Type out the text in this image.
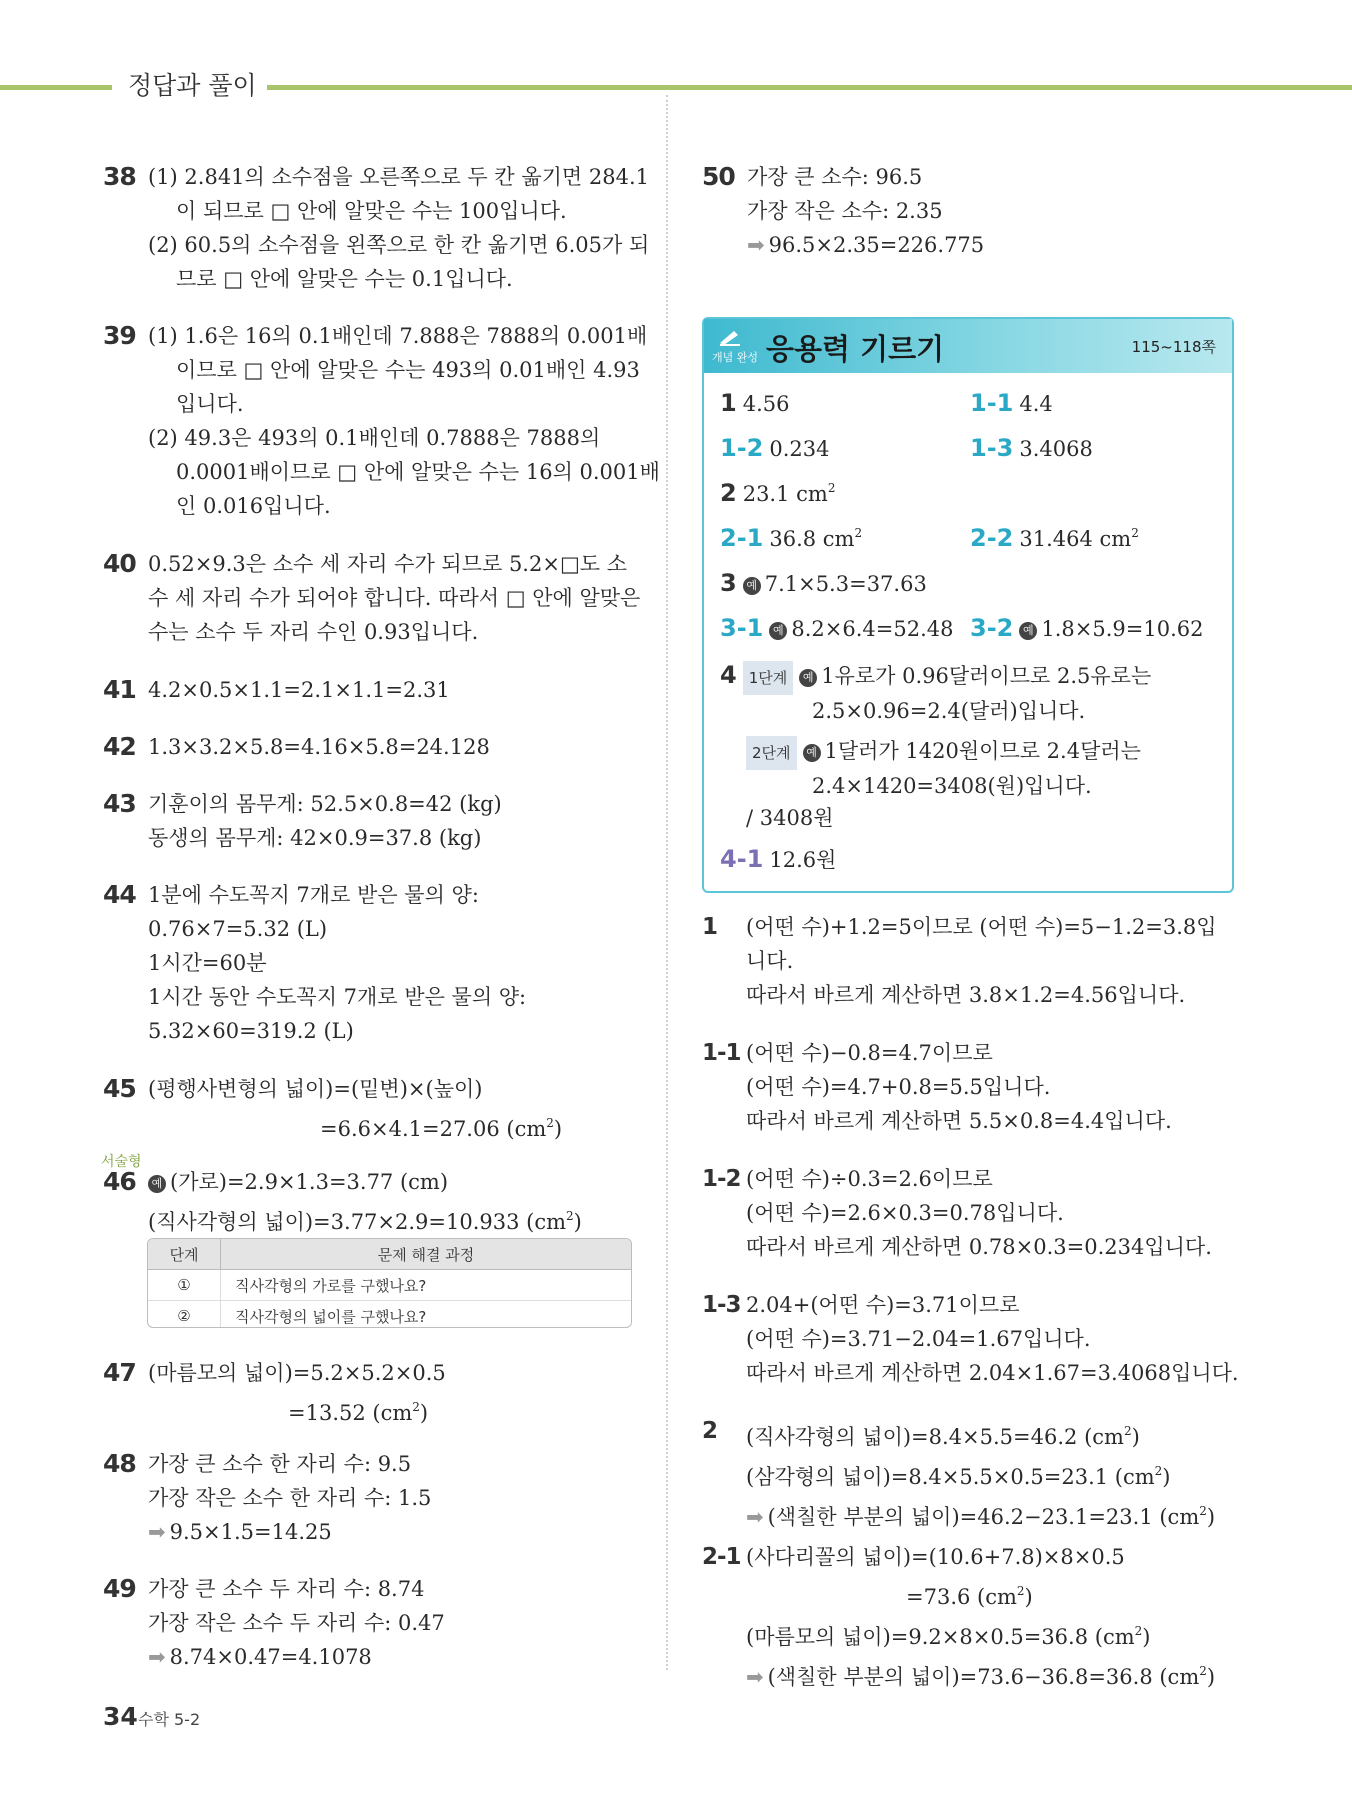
정답과 풀이
38 (1) 2.841의 소수점을 오른쪽으로 두 칸 옮기면 284.1
이 되므로 □ 안에 알맞은 수는 100입니다.
(2) 60.5의 소수점을 왼쪽으로 한 칸 옮기면 6.05가 되
므로 □ 안에 알맞은 수는 0.1입니다.
39 (1) 1.6은 16의 0.1배인데 7.888은 7888의 0.001배
이므로 □ 안에 알맞은 수는 493의 0.01배인 4.93
입니다.
(2) 49.3은 493의 0.1배인데 0.7888은 7888의
0.0001배이므로 □ 안에 알맞은 수는 16의 0.001배
인 0.016입니다.
40 0.52×9.3은 소수 세 자리 수가 되므로 5.2×□도 소
수 세 자리 수가 되어야 합니다. 따라서 □ 안에 알맞은
수는 소수 두 자리 수인 0.93입니다.
41 4.2×0.5×1.1=2.1×1.1=2.31
42 1.3×3.2×5.8=4.16×5.8=24.128
43 기훈이의 몸무게: 52.5×0.8=42 (kg)
동생의 몸무게: 42×0.9=37.8 (kg)
44 1분에 수도꼭지 7개로 받은 물의 양:
0.76×7=5.32 (L)
1시간=60분
1시간 동안 수도꼭지 7개로 받은 물의 양:
5.32×60=319.2 (L)
45 (평행사변형의 넓이)=(밑변)×(높이)
=6.6×4.1=27.06 $(cm^2)$
서술형
46	예 (가로)=2.9×1.3=3.77 (cm)
(직사각형의 넓이)=3.77×2.9=10.933 $(cm^2)$
단계	문제 해결 과정
①	직사각형의 가로를 구했나요?
②	직사각형의 넓이를 구했나요?
47 (마름모의 넓이)=5.2×5.2×0.5
=13.52 $(cm^2)$
48 가장 큰 소수 한 자리 수: 9.5
가장 작은 소수 한 자리 수: 1.5
➡ 9.5×1.5=14.25
49 가장 큰 소수 두 자리 수: 8.74
가장 작은 소수 두 자리 수: 0.47
➡ 8.74×0.47=4.1078
50 가장 큰 소수: 96.5
가장 작은 소수: 2.35
➡ 96.5×2.35=226.775
개념 완성 응용력 기르기	115~118쪽
1 4.56	1-1 4.4
1-2 0.234	1-3 3.4068
2 23.1 $cm^2$
2-1 36.8 $cm^2$	2-2 31.464 $cm^2$
3 예 7.1×5.3=37.63
3-1 예 8.2×6.4=52.48 3-2 예 1.8×5.9=10.62
4 1단계 예 1유로가 0.96달러이므로 2.5유로는
2.5×0.96=2.4(달러)입니다.
2단계 예 1달러가 1420원이므로 2.4달러는
2.4×1420=3408(원)입니다.
/ 3408원
4-1 12.6원
1 (어떤 수)+1.2=5이므로 (어떤 수)=5−1.2=3.8입
니다.
따라서 바르게 계산하면 3.8×1.2=4.56입니다.
1-1 (어떤 수)−0.8=4.7이므로
(어떤 수)=4.7+0.8=5.5입니다.
따라서 바르게 계산하면 5.5×0.8=4.4입니다.
1-2 (어떤 수)÷0.3=2.6이므로
(어떤 수)=2.6×0.3=0.78입니다.
따라서 바르게 계산하면 0.78×0.3=0.234입니다.
1-3 2.04+(어떤 수)=3.71이므로
(어떤 수)=3.71−2.04=1.67입니다.
따라서 바르게 계산하면 2.04×1.67=3.4068입니다.
2 (직사각형의 넓이)=8.4×5.5=46.2 $(cm^2)$
(삼각형의 넓이)=8.4×5.5×0.5=23.1 $(cm^2)$
➡ (색칠한 부분의 넓이)=46.2−23.1=23.1 $(cm^2)$
2-1 (사다리꼴의 넓이)=(10.6+7.8)×8×0.5
=73.6 $(cm^2)$
(마름모의 넓이)=9.2×8×0.5=36.8 $(cm^2)$
➡ (색칠한 부분의 넓이)=73.6−36.8=36.8 $(cm^2)$
34 수학 5-2
